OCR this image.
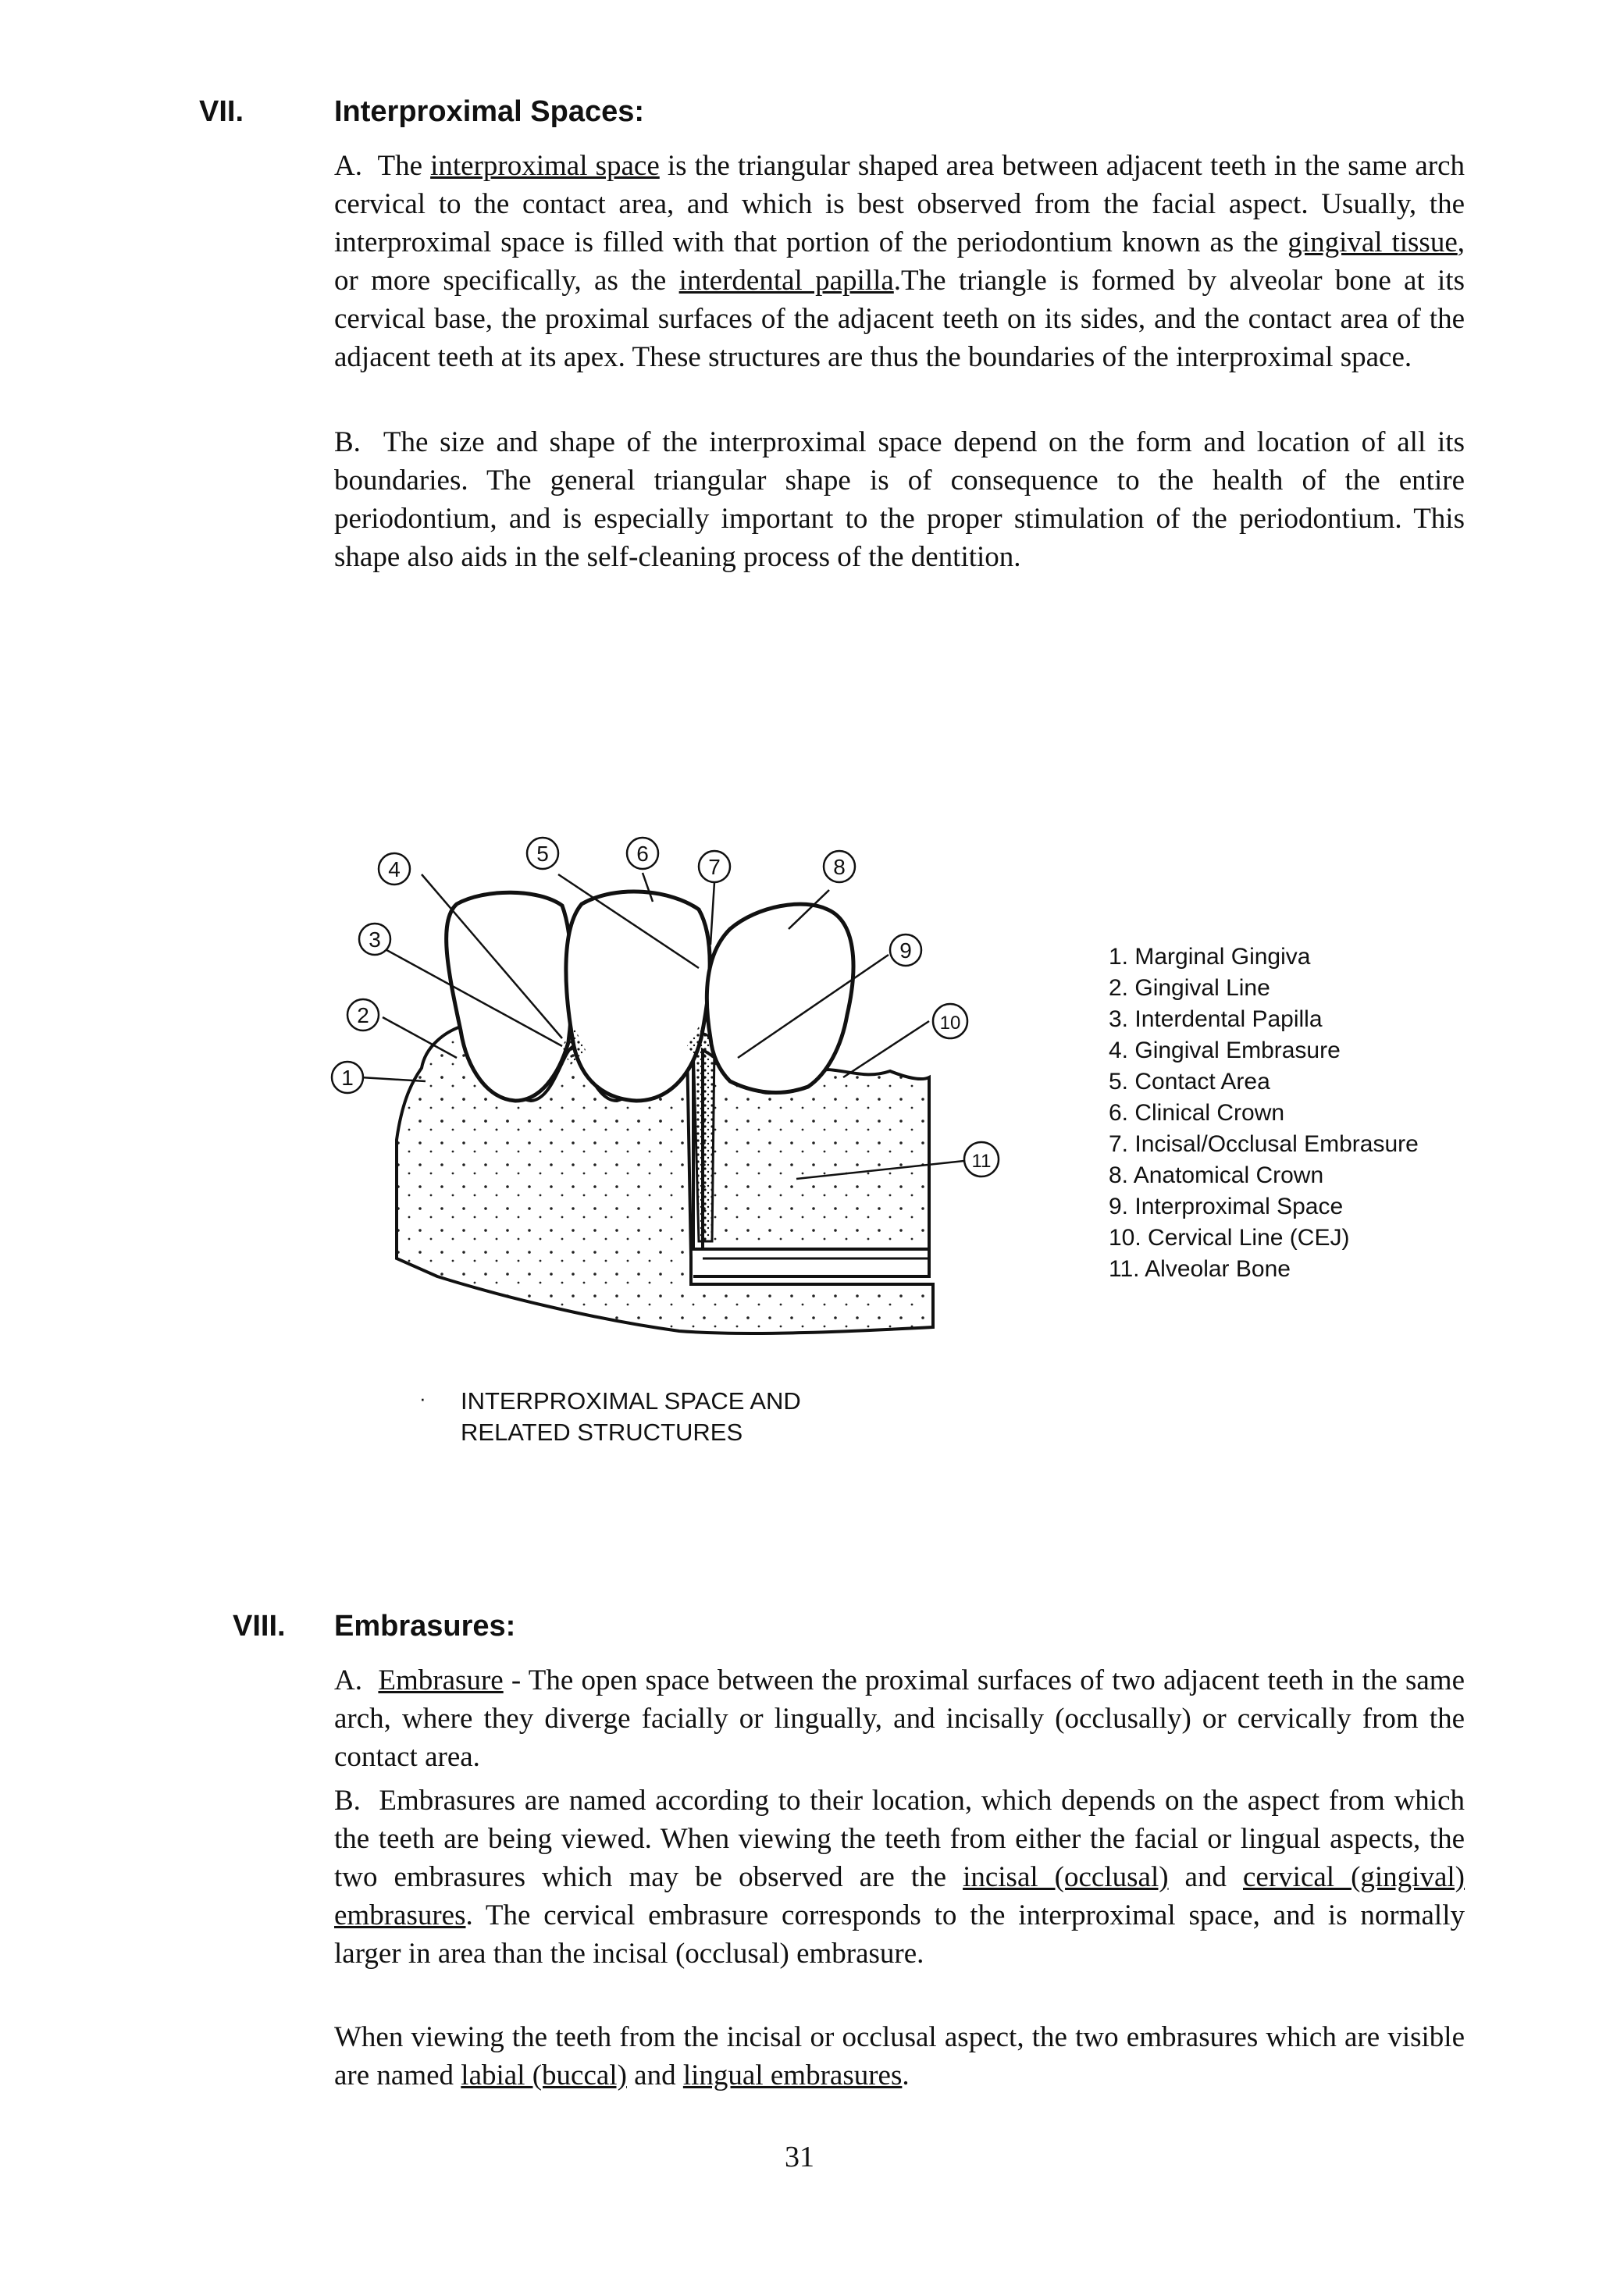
VII.	Interproximal Spaces:

A. The interproximal space is the triangular shaped area between adjacent teeth in the same arch cervical to the contact area, and which is best observed from the facial aspect. Usually, the interproximal space is filled with that portion of the periodontium known as the gingival tissue, or more specifically, as the interdental papilla.The triangle is formed by alveolar bone at its cervical base, the proximal surfaces of the adjacent teeth on its sides, and the contact area of the adjacent teeth at its apex. These structures are thus the boundaries of the interproximal space.

B. The size and shape of the interproximal space depend on the form and location of all its boundaries. The general triangular shape is of consequence to the health of the entire periodontium, and is especially important to the proper stimulation of the periodontium. This shape also aids in the self-cleaning process of the dentition.

1
2
3
4
5	6
7	8
9
10
11
1. Marginal Gingiva
2. Gingival Line
3. Interdental Papilla
4. Gingival Embrasure
5. Contact Area
6. Clinical Crown
7. Incisal/Occlusal Embrasure
8. Anatomical Crown
9. Interproximal Space
10. Cervical Line (CEJ)
11. Alveolar Bone
· INTERPROXIMAL SPACE AND
RELATED STRUCTURES
VIII. Embrasures:

A. Embrasure - The open space between the proximal surfaces of two adjacent teeth in the same arch, where they diverge facially or lingually, and incisally (occlusally) or cervically from the contact area.

B. Embrasures are named according to their location, which depends on the aspect from which the teeth are being viewed. When viewing the teeth from either the facial or lingual aspects, the two embrasures which may be observed are the incisal (occlusal) and cervical (gingival) embrasures. The cervical embrasure corresponds to the interproximal space, and is normally larger in area than the incisal (occlusal) embrasure.

When viewing the teeth from the incisal or occlusal aspect, the two embrasures which are visible are named labial (buccal) and lingual embrasures.

31
